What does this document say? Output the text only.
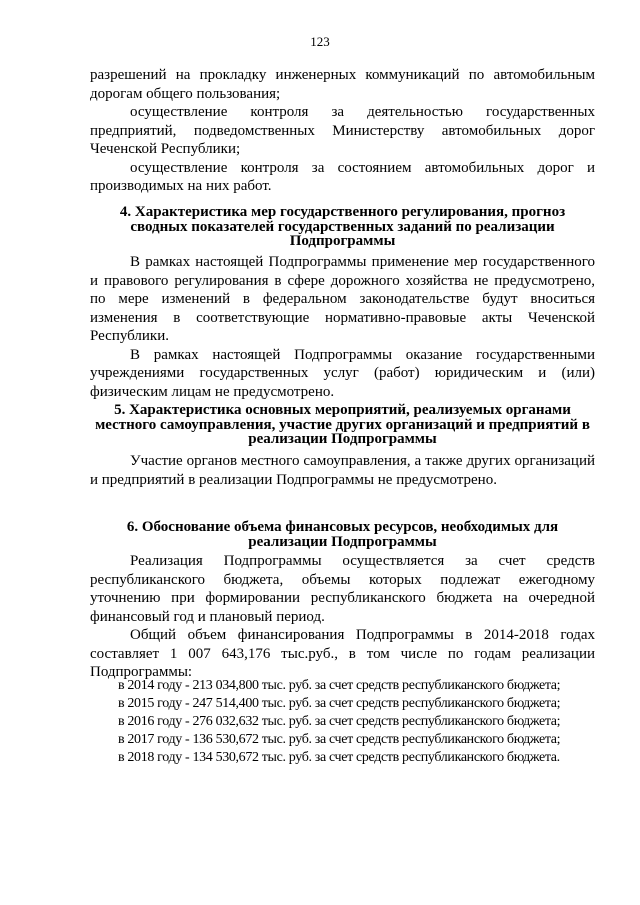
123

разрешений на прокладку инженерных коммуникаций по автомобильным дорогам общего пользования;

осуществление контроля за деятельностью государственных предприятий, подведомственных Министерству автомобильных дорог Чеченской Республики;

осуществление контроля за состоянием автомобильных дорог и производимых на них работ.

4. Характеристика мер государственного регулирования, прогноз сводных показателей государственных заданий по реализации Подпрограммы

В рамках настоящей Подпрограммы применение мер государственного и правового регулирования в сфере дорожного хозяйства не предусмотрено, по мере изменений в федеральном законодательстве будут вноситься изменения в соответствующие нормативно-правовые акты Чеченской Республики.

В рамках настоящей Подпрограммы оказание государственными учреждениями государственных услуг (работ) юридическим и (или) физическим лицам не предусмотрено.

5. Характеристика основных мероприятий, реализуемых органами местного самоуправления, участие других организаций и предприятий в реализации Подпрограммы

Участие органов местного самоуправления, а также других организаций и предприятий в реализации Подпрограммы не предусмотрено.

6. Обоснование объема финансовых ресурсов, необходимых для реализации Подпрограммы

Реализация Подпрограммы осуществляется за счет средств республиканского бюджета, объемы которых подлежат ежегодному уточнению при формировании республиканского бюджета на очередной финансовый год и плановый период.

Общий объем финансирования Подпрограммы в 2014-2018 годах составляет 1 007 643,176 тыс.руб., в том числе по годам реализации Подпрограммы:

в 2014 году - 213 034,800 тыс. руб. за счет средств республиканского бюджета;
в 2015 году - 247 514,400 тыс. руб. за счет средств республиканского бюджета;
в 2016 году - 276 032,632 тыс. руб. за счет средств республиканского бюджета;
в 2017 году - 136 530,672 тыс. руб. за счет средств республиканского бюджета;
в 2018 году - 134 530,672 тыс. руб. за счет средств республиканского бюджета.
